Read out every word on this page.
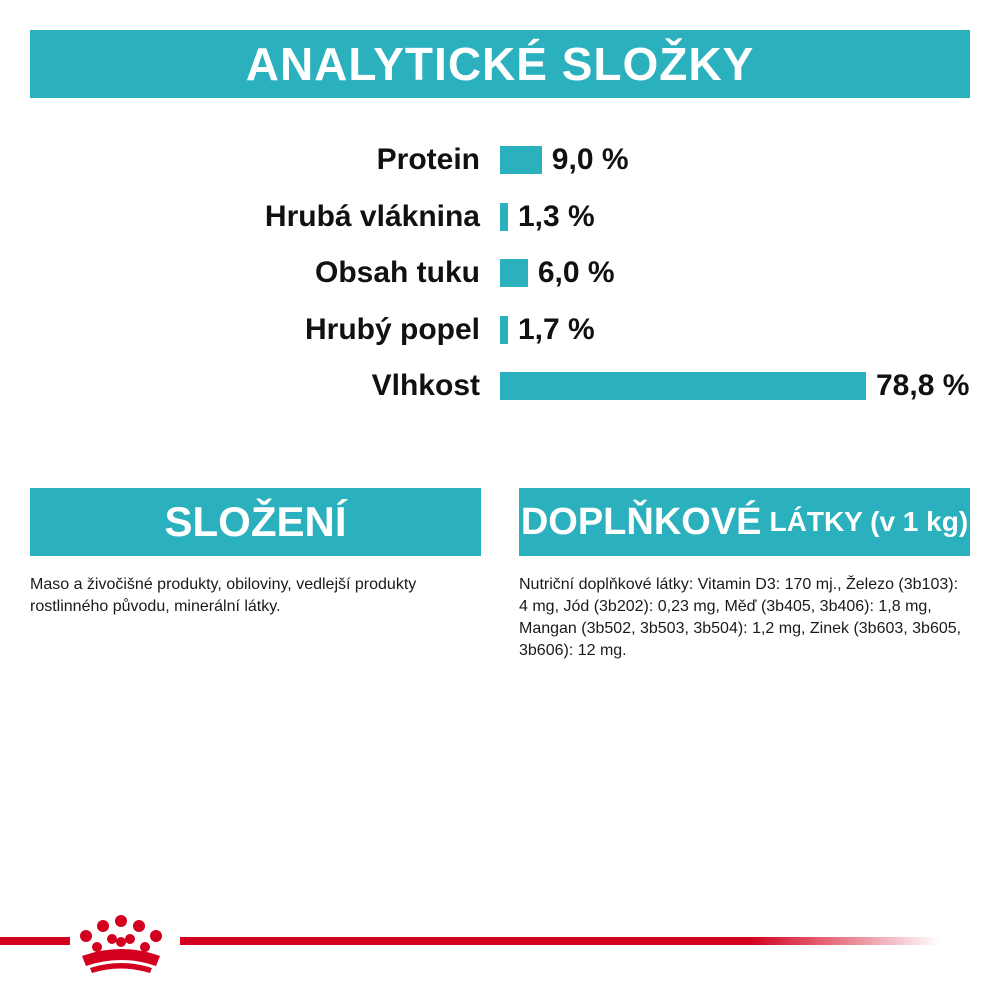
ANALYTICKÉ SLOŽKY
Protein 9,0 %
Hrubá vláknina 1,3 %
Obsah tuku 6,0 %
Hrubý popel 1,7 %
Vlhkost	78,8 %
SLOŽENÍ
Maso a živočišné produkty, obiloviny, vedlejší produkty rostlinného původu, minerální látky.
DOPLŇKOVÉ LÁTKY (v 1 kg)
Nutriční doplňkové látky: Vitamin D3: 170 mj., Železo (3b103): 4 mg, Jód (3b202): 0,23 mg, Měď (3b405, 3b406): 1,8 mg, Mangan (3b502, 3b503, 3b504): 1,2 mg, Zinek (3b603, 3b605, 3b606): 12 mg.
